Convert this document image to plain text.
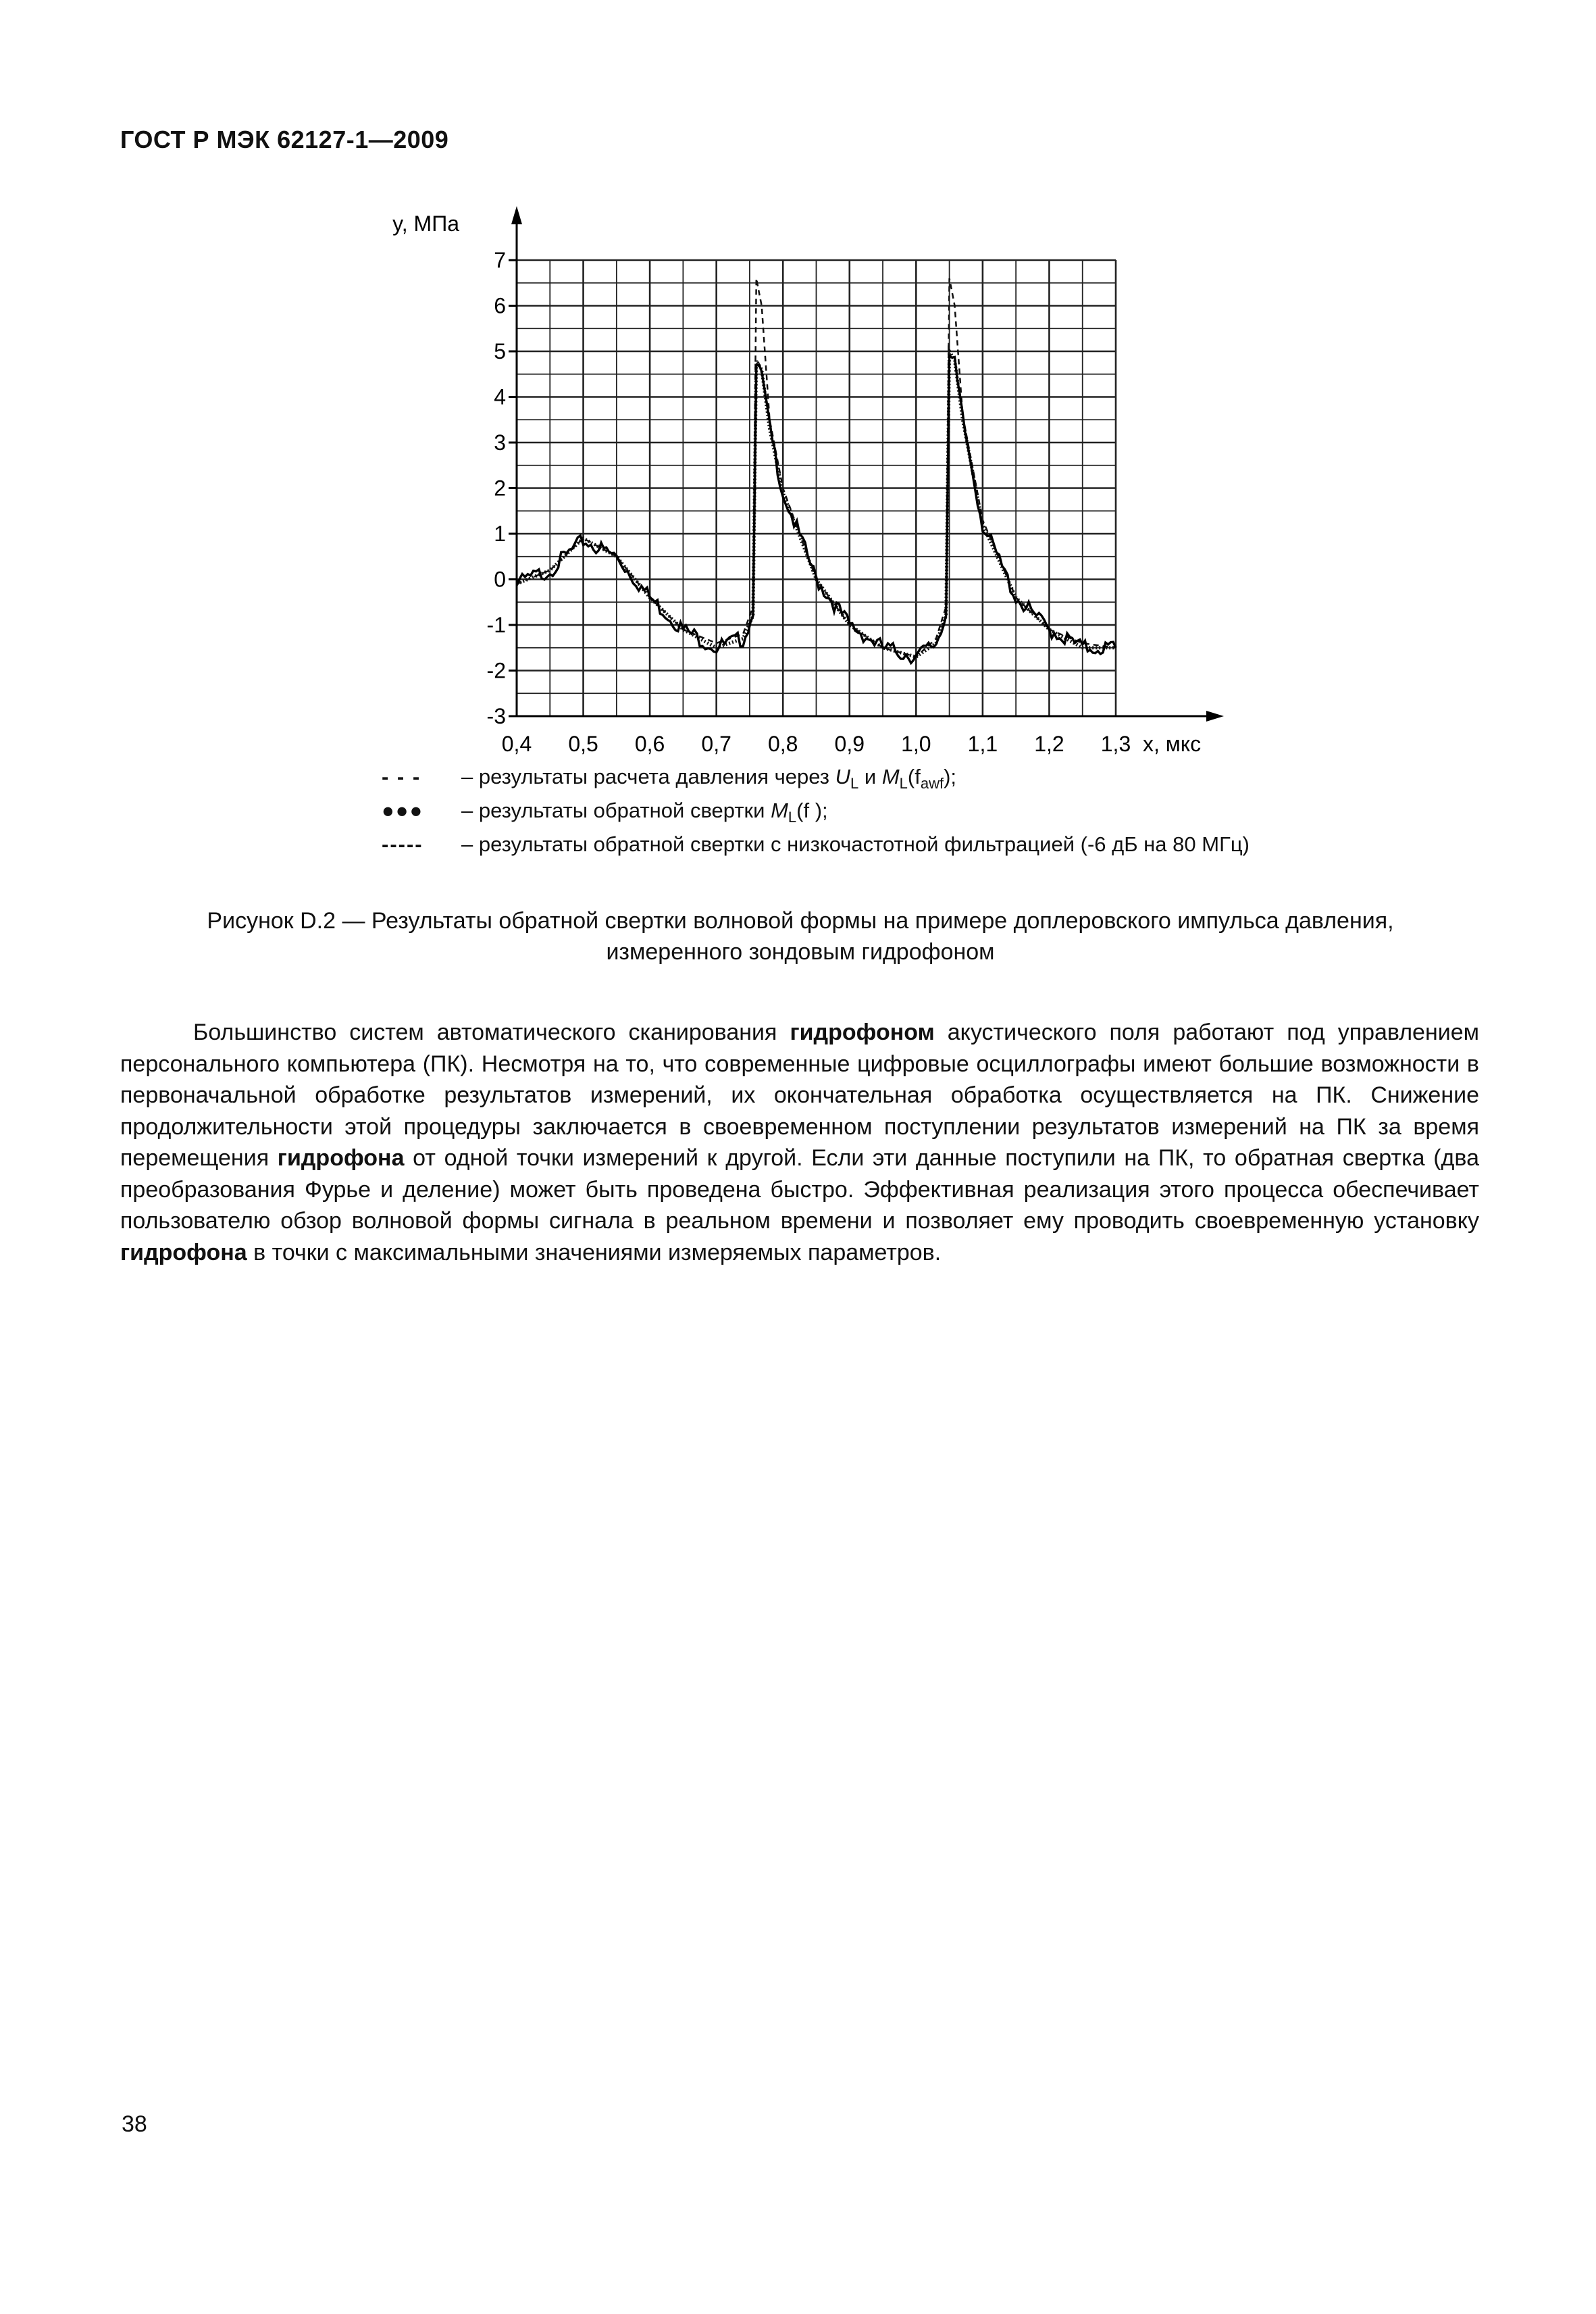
ГОСТ Р МЭК 62127-1—2009
0,4 0,5 0,6 0,7 0,8 0,9 1,0 1,1 1,2 1,3
-3
-2
-1
0
1
2
3
4
5
6
7
y, МПа
x, мкс
- - - – результаты расчета давления через $U_L$ и $M_L(f_{awf})$;
●●● – результаты обратной свертки $M_L(f$ );
----- – результаты обратной свертки с низкочастотной фильтрацией (-6 дБ на 80 МГц)
Рисунок D.2 — Результаты обратной свертки волновой формы на примере доплеровского импульса давления,
измеренного зондовым гидрофоном
Большинство систем автоматического сканирования гидрофоном акустического поля работают под управлением персонального компьютера (ПК). Несмотря на то, что современные цифровые осциллографы имеют большие возможности в первоначальной обработке результатов измерений, их окончательная обработка осуществляется на ПК. Снижение продолжительности этой процедуры заключается в своевременном поступлении результатов измерений на ПК за время перемещения гидрофона от одной точки измерений к другой. Если эти данные поступили на ПК, то обратная свертка (два преобразования Фурье и деление) может быть проведена быстро. Эффективная реализация этого процесса обеспечивает пользователю обзор волновой формы сигнала в реальном времени и позволяет ему проводить своевременную установку гидрофона в точки с максимальными значениями измеряемых параметров.
38
